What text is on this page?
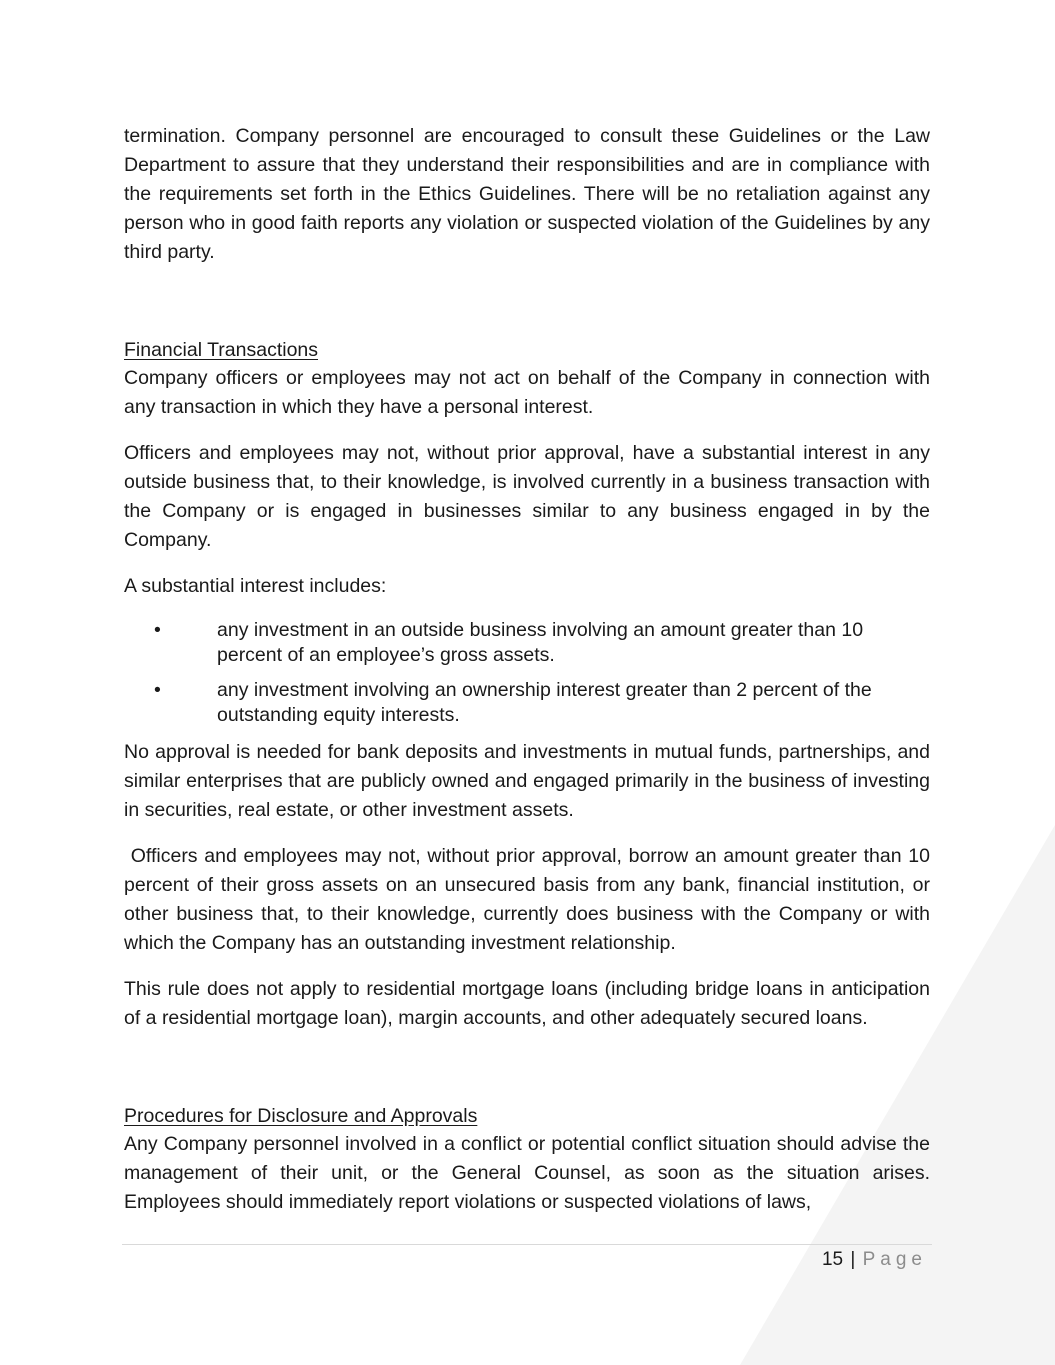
termination. Company personnel are encouraged to consult these Guidelines or the Law Department to assure that they understand their responsibilities and are in compliance with the requirements set forth in the Ethics Guidelines. There will be no retaliation against any person who in good faith reports any violation or suspected violation of the Guidelines by any third party.

Financial Transactions

Company officers or employees may not act on behalf of the Company in connection with any transaction in which they have a personal interest.

Officers and employees may not, without prior approval, have a substantial interest in any outside business that, to their knowledge, is involved currently in a business transaction with the Company or is engaged in businesses similar to any business engaged in by the Company.

A substantial interest includes:

•	any investment in an outside business involving an amount greater than 10 percent of an employee’s gross assets.
•	any investment involving an ownership interest greater than 2 percent of the outstanding equity interests.

No approval is needed for bank deposits and investments in mutual funds, partnerships, and similar enterprises that are publicly owned and engaged primarily in the business of investing in securities, real estate, or other investment assets.

Officers and employees may not, without prior approval, borrow an amount greater than 10 percent of their gross assets on an unsecured basis from any bank, financial institution, or other business that, to their knowledge, currently does business with the Company or with which the Company has an outstanding investment relationship.

This rule does not apply to residential mortgage loans (including bridge loans in anticipation of a residential mortgage loan), margin accounts, and other adequately secured loans.

Procedures for Disclosure and Approvals

Any Company personnel involved in a conflict or potential conflict situation should advise the management of their unit, or the General Counsel, as soon as the situation arises. Employees should immediately report violations or suspected violations of laws,

15 | Page
